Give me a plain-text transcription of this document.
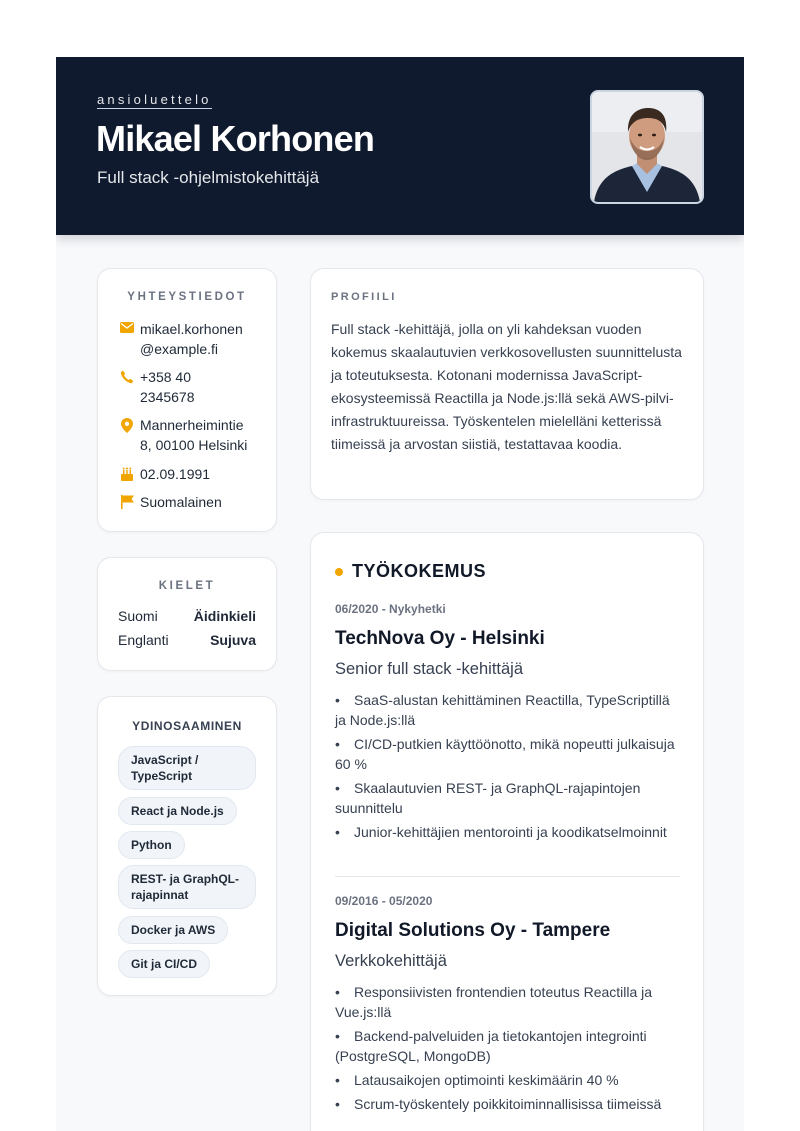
ansioluettelo
Mikael Korhonen
Full stack -ohjelmistokehittäjä
YHTEYSTIEDOT
mikael.korhonen
@example.fi
+358 40
2345678
Mannerheimintie
8, 00100 Helsinki
02.09.1991
Suomalainen
KIELET
Suomi	Äidinkieli
Englanti	Sujuva
YDINOSAAMINEN
JavaScript / TypeScript
React ja Node.js
Python
REST- ja GraphQL-rajapinnat
Docker ja AWS
Git ja CI/CD
PROFIILI
Full stack -kehittäjä, jolla on yli kahdeksan vuoden kokemus skaalautuvien verkkosovellusten suunnittelusta ja toteutuksesta. Kotonani modernissa JavaScript-ekosysteemissä Reactilla ja Node.js:llä sekä AWS-pilvi-infrastruktuureissa. Työskentelen mielelläni ketterissä tiimeissä ja arvostan siistiä, testattavaa koodia.
TYÖKOKEMUS
06/2020 - Nykyhetki
TechNova Oy - Helsinki
Senior full stack -kehittäjä
• SaaS-alustan kehittäminen Reactilla, TypeScriptillä ja Node.js:llä
• CI/CD-putkien käyttöönotto, mikä nopeutti julkaisuja 60 %
• Skaalautuvien REST- ja GraphQL-rajapintojen suunnittelu
• Junior-kehittäjien mentorointi ja koodikatselmoinnit
09/2016 - 05/2020
Digital Solutions Oy - Tampere
Verkkokehittäjä
• Responsiivisten frontendien toteutus Reactilla ja Vue.js:llä
• Backend-palveluiden ja tietokantojen integrointi (PostgreSQL, MongoDB)
• Latausaikojen optimointi keskimäärin 40 %
• Scrum-työskentely poikkitoiminnallisissa tiimeissä
